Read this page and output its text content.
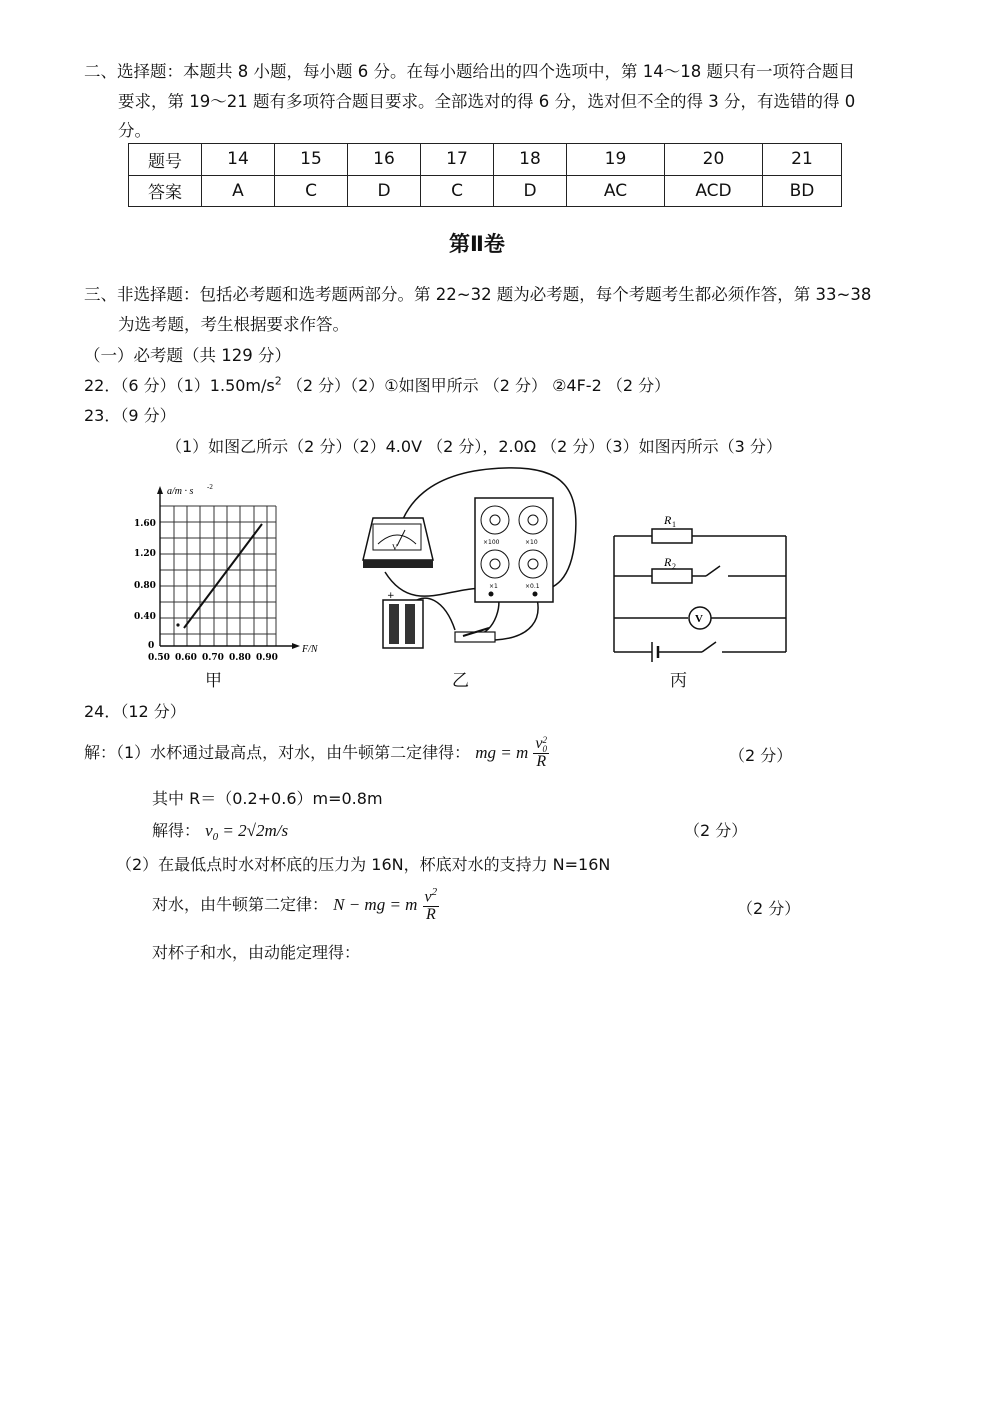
二、选择题：本题共 8 小题，每小题 6 分。在每小题给出的四个选项中，第 14～18 题只有一项符合题目
要求，第 19～21 题有多项符合题目要求。全部选对的得 6 分，选对但不全的得 3 分，有选错的得 0
分。
题号	14	15	16	17	18	19	20	21
答案	A	C	D	C	D	AC	ACD	BD
第Ⅱ卷
三、非选择题：包括必考题和选考题两部分。第 22~32 题为必考题，每个考题考生都必须作答，第 33~38
为选考题，考生根据要求作答。
（一）必考题（共 129 分）
22．（6 分）$(1)1.50m/s^2$ （2 分）（2）①如图甲所示 （2 分） ②4F-2 （2 分）
23．（9 分）
（1）如图乙所示（2 分）（2）4.0V （2 分），2.0Ω （2 分）（3）如图丙所示（3 分）
a/m · s -2
F/N
0
0.40
0.80
1.20
1.60
0.50 0.60 0.70 0.80 0.90
甲
V
×100	×10
×1	×0.1
+
乙
R 1
R 2
V
丙
24．（12 分）
解：（1）水杯通过最高点，对水，由牛顿第二定律得： mg = m v 2
0
R	（2 分）
其中 R＝（0.2+0.6）m=0.8m
解得： $v_0 = 2√2m/s$	（2 分）
（2）在最低点时水对杯底的压力为 16N，杯底对水的支持力 N=16N
对水，由牛顿第二定律： N − mg = m $\frac{v^2}{R}$	（2 分）
对杯子和水，由动能定理得：
